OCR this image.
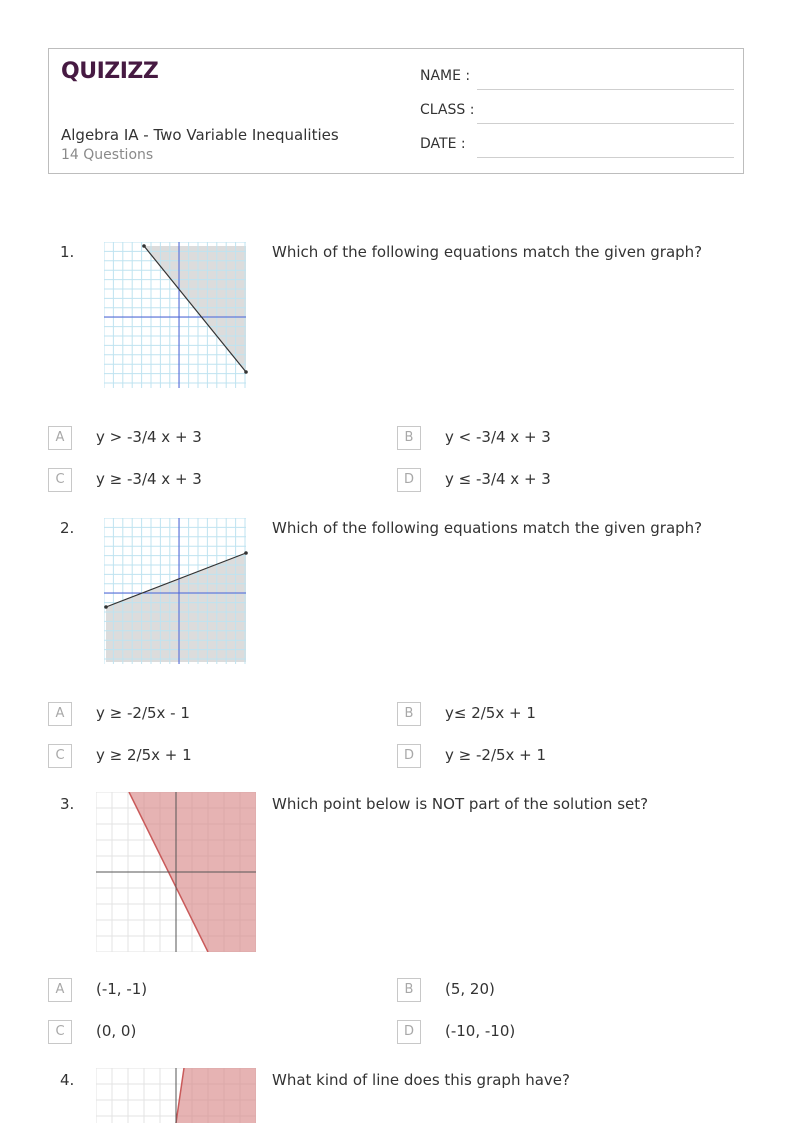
QUIZIZZ
Algebra IA - Two Variable Inequalities
14 Questions
NAME :
CLASS :
DATE :
1.	Which of the following equations match the given graph?
A	y > -3/4 x + 3	B	y < -3/4 x + 3
C	y ≥ -3/4 x + 3	D	y ≤ -3/4 x + 3
2.	Which of the following equations match the given graph?
A	y ≥ -2/5x - 1	B	y≤ 2/5x + 1
C	y ≥ 2/5x + 1	D	y ≥ -2/5x + 1
3.	Which point below is NOT part of the solution set?
A	(-1, -1)	B	(5, 20)
C	(0, 0)	D	(-10, -10)
4.	What kind of line does this graph have?
